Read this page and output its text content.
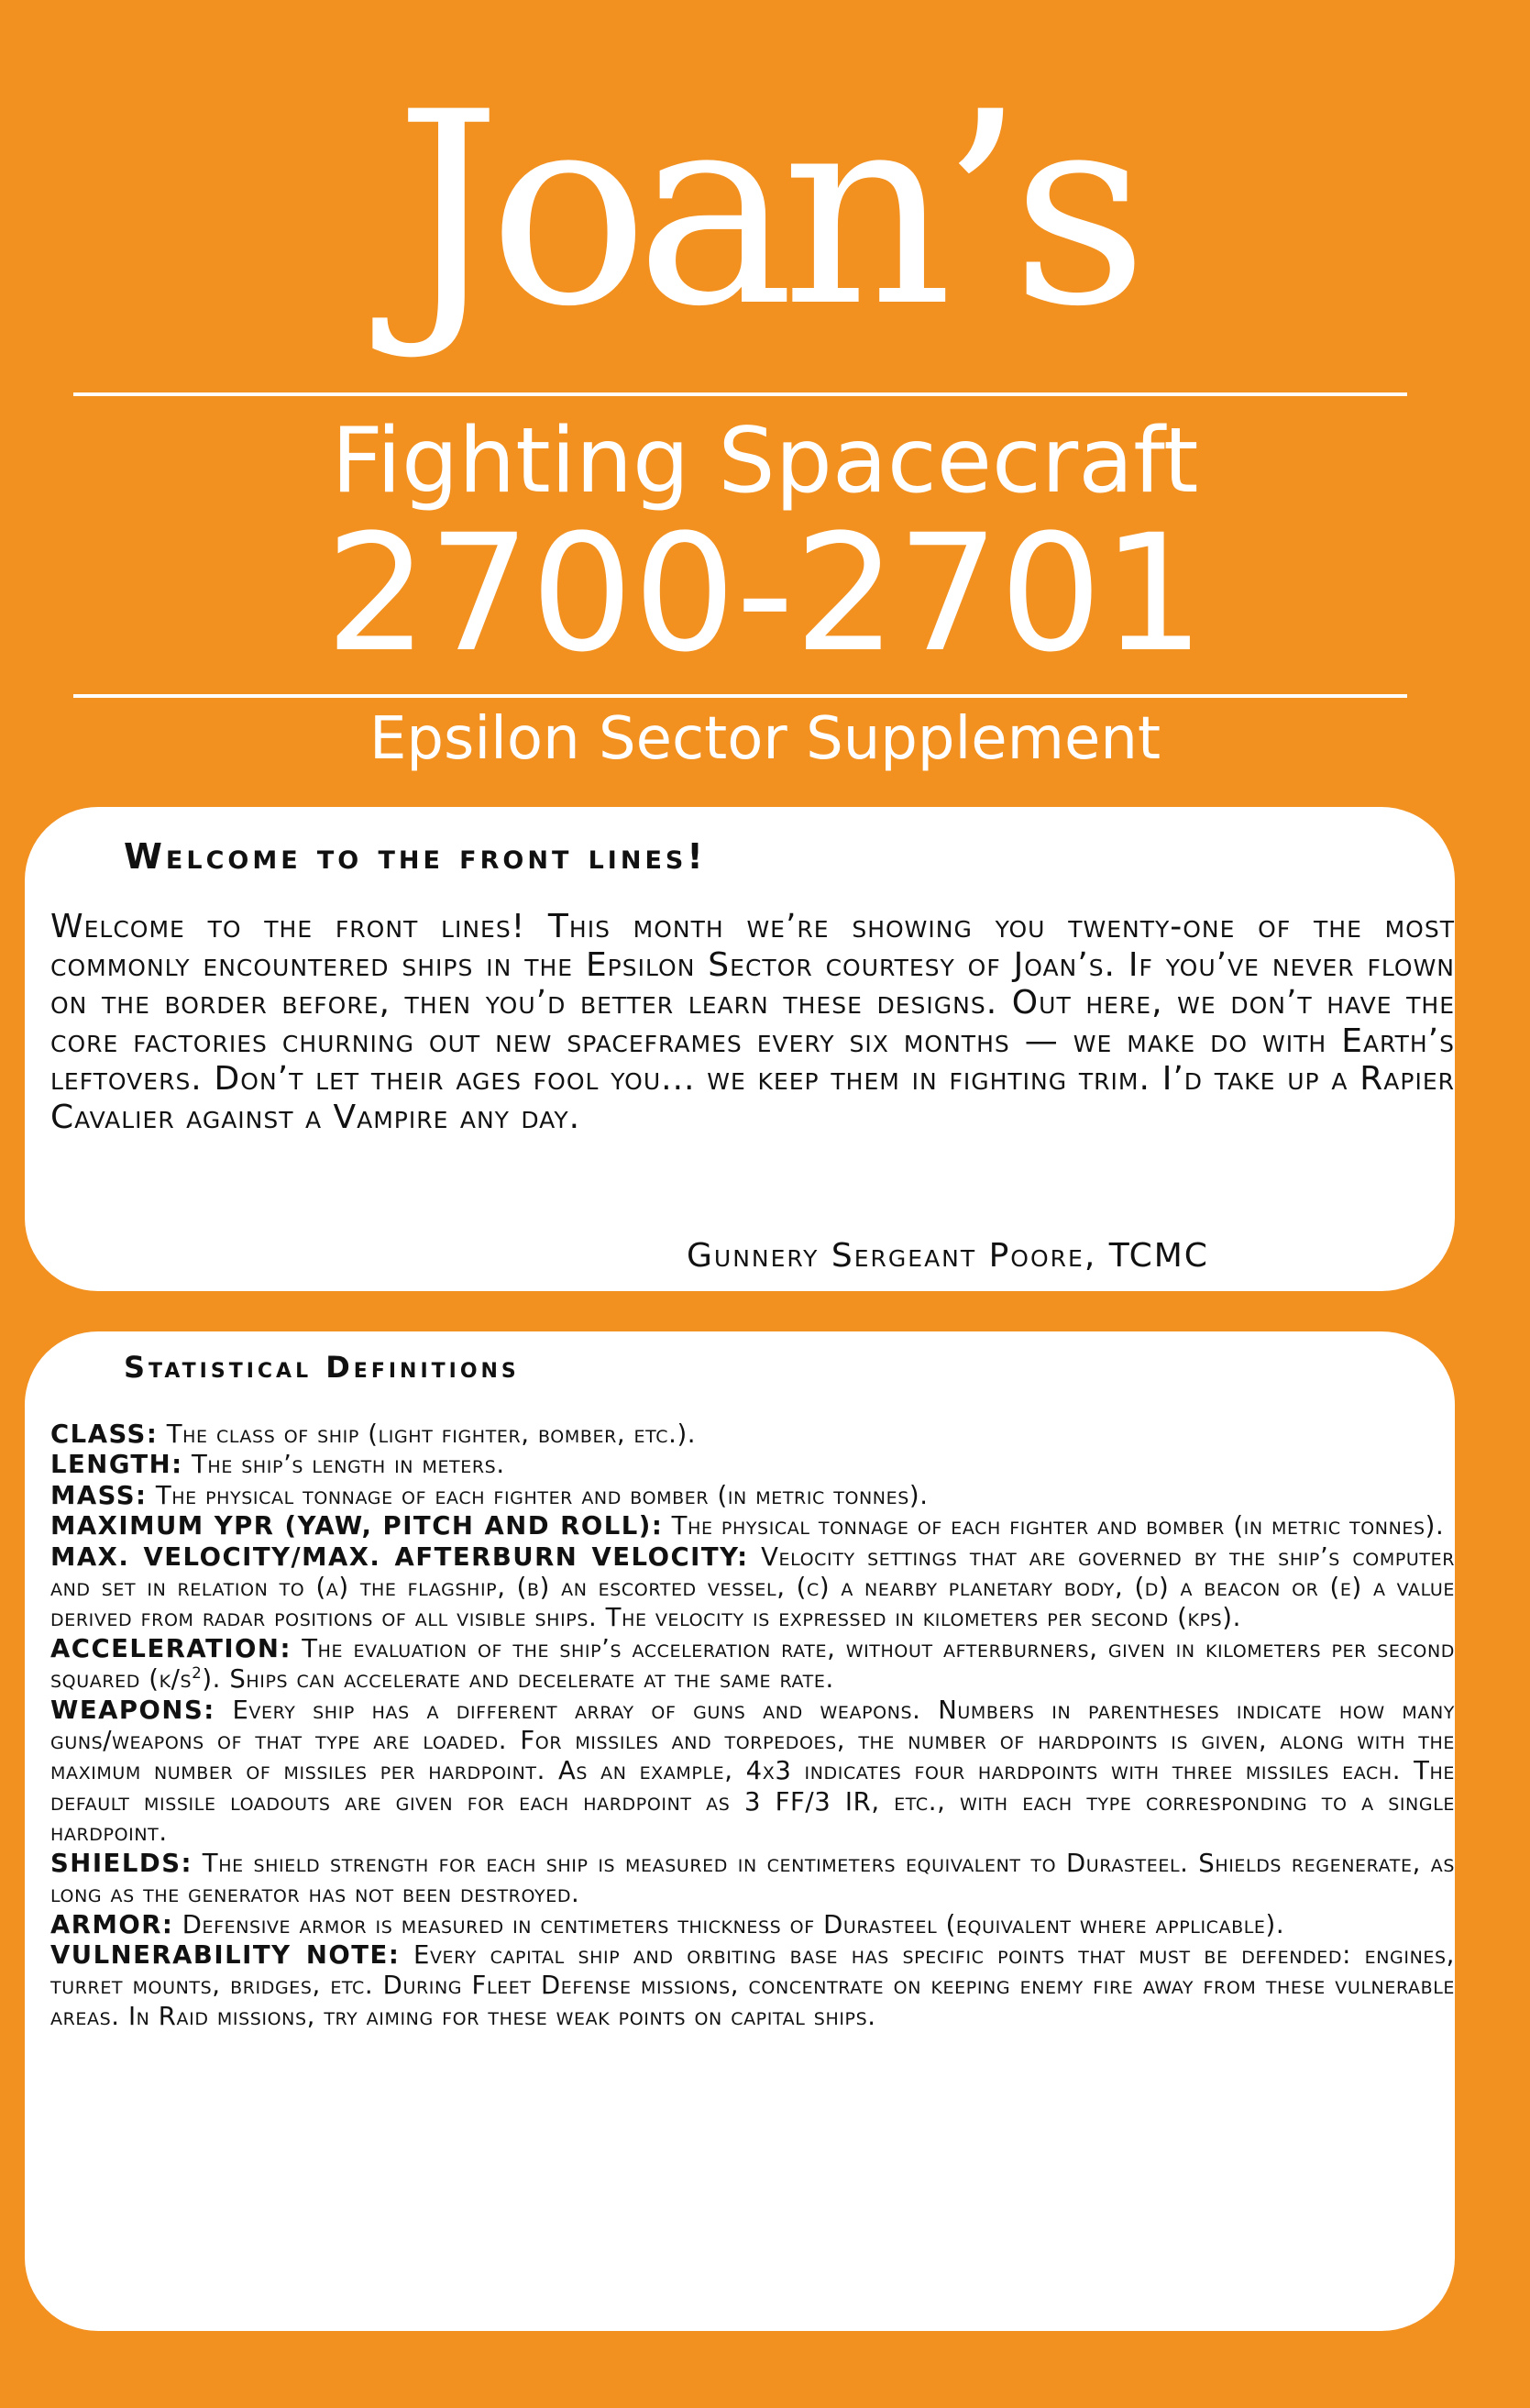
Joan’s
Fighting Spacecraft
2700-2701
Epsilon Sector Supplement
Welcome to the front lines!
Welcome to the front lines! This month we’re showing you twenty-one of the most commonly encountered ships in the Epsilon Sector courtesy of Joan’s. If you’ve never flown on the border before, then you’d better learn these designs. Out here, we don’t have the core factories churning out new spaceframes every six months — we make do with Earth’s leftovers. Don’t let their ages fool you... we keep them in fighting trim. I’d take up a Rapier Cavalier against a Vampire any day.
Gunnery Sergeant Poore, TCMC
Statistical Definitions

CLASS: The class of ship (light fighter, bomber, etc.).

LENGTH: The ship’s length in meters.

MASS: The physical tonnage of each fighter and bomber (in metric tonnes).

MAXIMUM YPR (YAW, PITCH AND ROLL): The physical tonnage of each fighter and bomber (in metric tonnes).

MAX. VELOCITY/MAX. AFTERBURN VELOCITY: Velocity settings that are governed by the ship’s computer and set in relation to (a) the flagship, (b) an escorted vessel, (c) a nearby planetary body, (d) a beacon or (e) a value derived from radar positions of all visible ships. The velocity is expressed in kilometers per second (kps).

ACCELERATION: The evaluation of the ship’s acceleration rate, without afterburners, given in kilometers per second squared $(k/s^2)$. Ships can accelerate and decelerate at the same rate.

WEAPONS: Every ship has a different array of guns and weapons. Numbers in parentheses indicate how many guns/weapons of that type are loaded. For missiles and torpedoes, the number of hardpoints is given, along with the maximum number of missiles per hardpoint. As an example, 4x3 indicates four hardpoints with three missiles each. The default missile loadouts are given for each hardpoint as 3 FF/3 IR, etc., with each type corresponding to a single hardpoint.

SHIELDS: The shield strength for each ship is measured in centimeters equivalent to Durasteel. Shields regenerate, as long as the generator has not been destroyed.

ARMOR: Defensive armor is measured in centimeters thickness of Durasteel (equivalent where applicable).

VULNERABILITY NOTE: Every capital ship and orbiting base has specific points that must be defended: engines, turret mounts, bridges, etc. During Fleet Defense missions, concentrate on keeping enemy fire away from these vulnerable areas. In Raid missions, try aiming for these weak points on capital ships.
